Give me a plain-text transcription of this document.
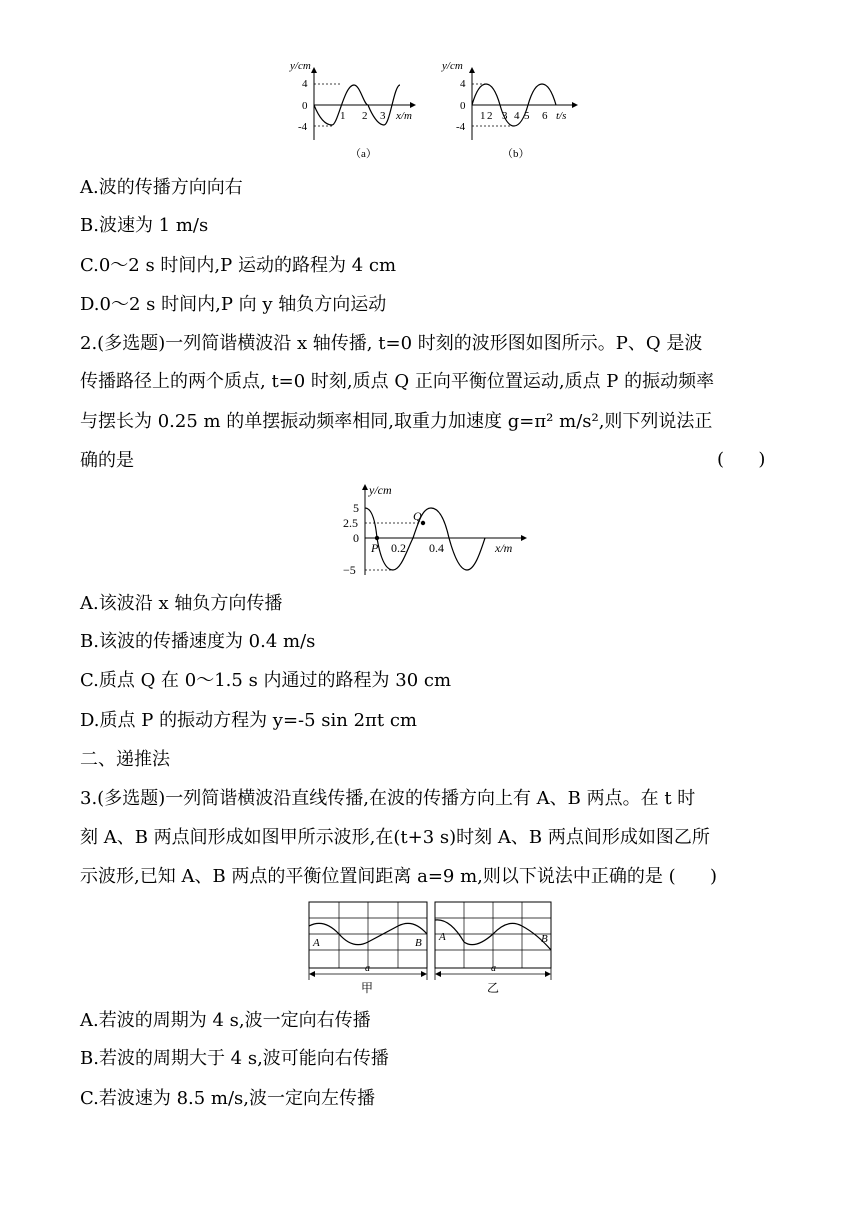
y/cm
4
0
-4
1 2 3 x/m
（a）
y/cm
4
0
-4
1 2 3 4 5 6 t/s
（b）
A.波的传播方向向右
B.波速为 1 m/s
C.0～2 s 时间内,P 运动的路程为 4 cm
D.0～2 s 时间内,P 向 y 轴负方向运动
2.(多选题)一列简谐横波沿 x 轴传播, t=0 时刻的波形图如图所示。P、Q 是波
传播路径上的两个质点, t=0 时刻,质点 Q 正向平衡位置运动,质点 P 的振动频率
与摆长为 0.25 m 的单摆振动频率相同,取重力加速度 g=π² m/s²,则下列说法正
确的是	(      )
y/cm
5
2.5
0
−5
0.2 0.4	x/m
P
Q
A.该波沿 x 轴负方向传播
B.该波的传播速度为 0.4 m/s
C.质点 Q 在 0～1.5 s 内通过的路程为 30 cm
D.质点 P 的振动方程为 y=-5 sin 2πt cm
二、递推法
3.(多选题)一列简谐横波沿直线传播,在波的传播方向上有 A、B 两点。在 t 时
刻 A、B 两点间形成如图甲所示波形,在(t+3 s)时刻 A、B 两点间形成如图乙所
示波形,已知 A、B 两点的平衡位置间距离 a=9 m,则以下说法中正确的是 (      )
A	B
a
甲
A	B
a
乙
A.若波的周期为 4 s,波一定向右传播
B.若波的周期大于 4 s,波可能向右传播
C.若波速为 8.5 m/s,波一定向左传播
